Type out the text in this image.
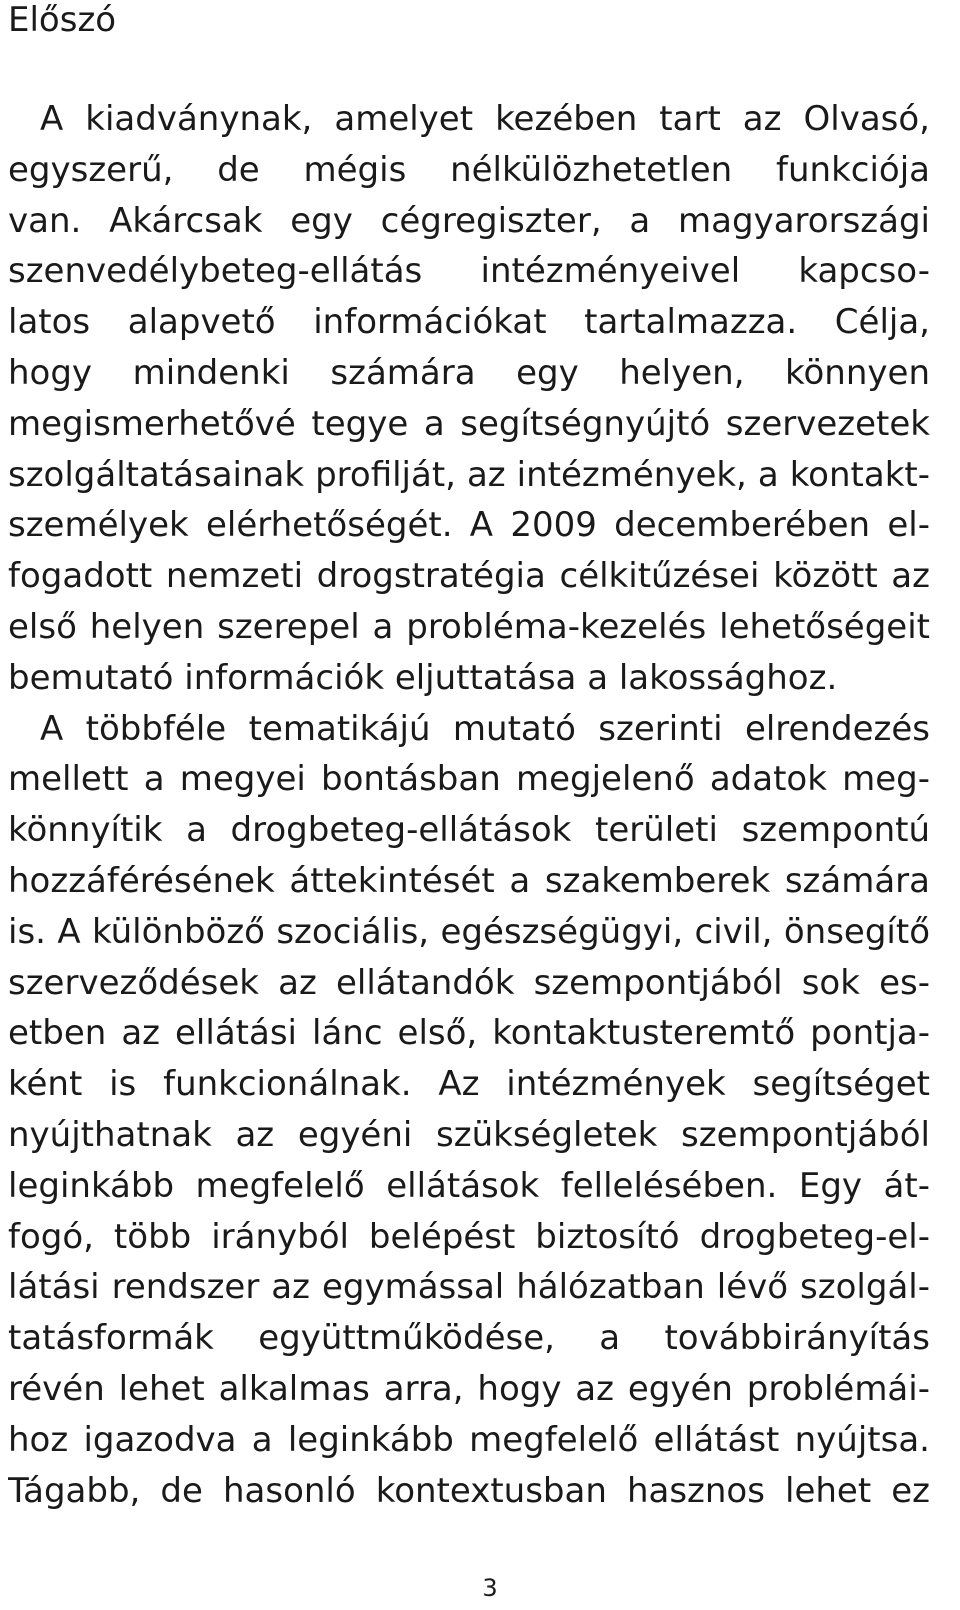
Előszó
A kiadványnak, amelyet kezében tart az Olvasó,
egyszerű, de mégis nélkülözhetetlen funkciója
van. Akárcsak egy cégregiszter, a magyarországi
szenvedélybeteg-ellátás intézményeivel kapcso-
latos alapvető információkat tartalmazza. Célja,
hogy mindenki számára egy helyen, könnyen
megismerhetővé tegye a segítségnyújtó szervezetek
szolgáltatásainak profilját, az intézmények, a kontakt-
személyek elérhetőségét. A 2009 decemberében el-
fogadott nemzeti drogstratégia célkitűzései között az
első helyen szerepel a probléma-kezelés lehetőségeit
bemutató információk eljuttatása a lakossághoz.
A többféle tematikájú mutató szerinti elrendezés
mellett a megyei bontásban megjelenő adatok meg-
könnyítik a drogbeteg-ellátások területi szempontú
hozzáférésének áttekintését a szakemberek számára
is. A különböző szociális, egészségügyi, civil, önsegítő
szerveződések az ellátandók szempontjából sok es-
etben az ellátási lánc első, kontaktusteremtő pontja-
ként is funkcionálnak. Az intézmények segítséget
nyújthatnak az egyéni szükségletek szempontjából
leginkább megfelelő ellátások fellelésében. Egy át-
fogó, több irányból belépést biztosító drogbeteg-el-
látási rendszer az egymással hálózatban lévő szolgál-
tatásformák együttműködése, a továbbirányítás
révén lehet alkalmas arra, hogy az egyén problémái-
hoz igazodva a leginkább megfelelő ellátást nyújtsa.
Tágabb, de hasonló kontextusban hasznos lehet ez
3
